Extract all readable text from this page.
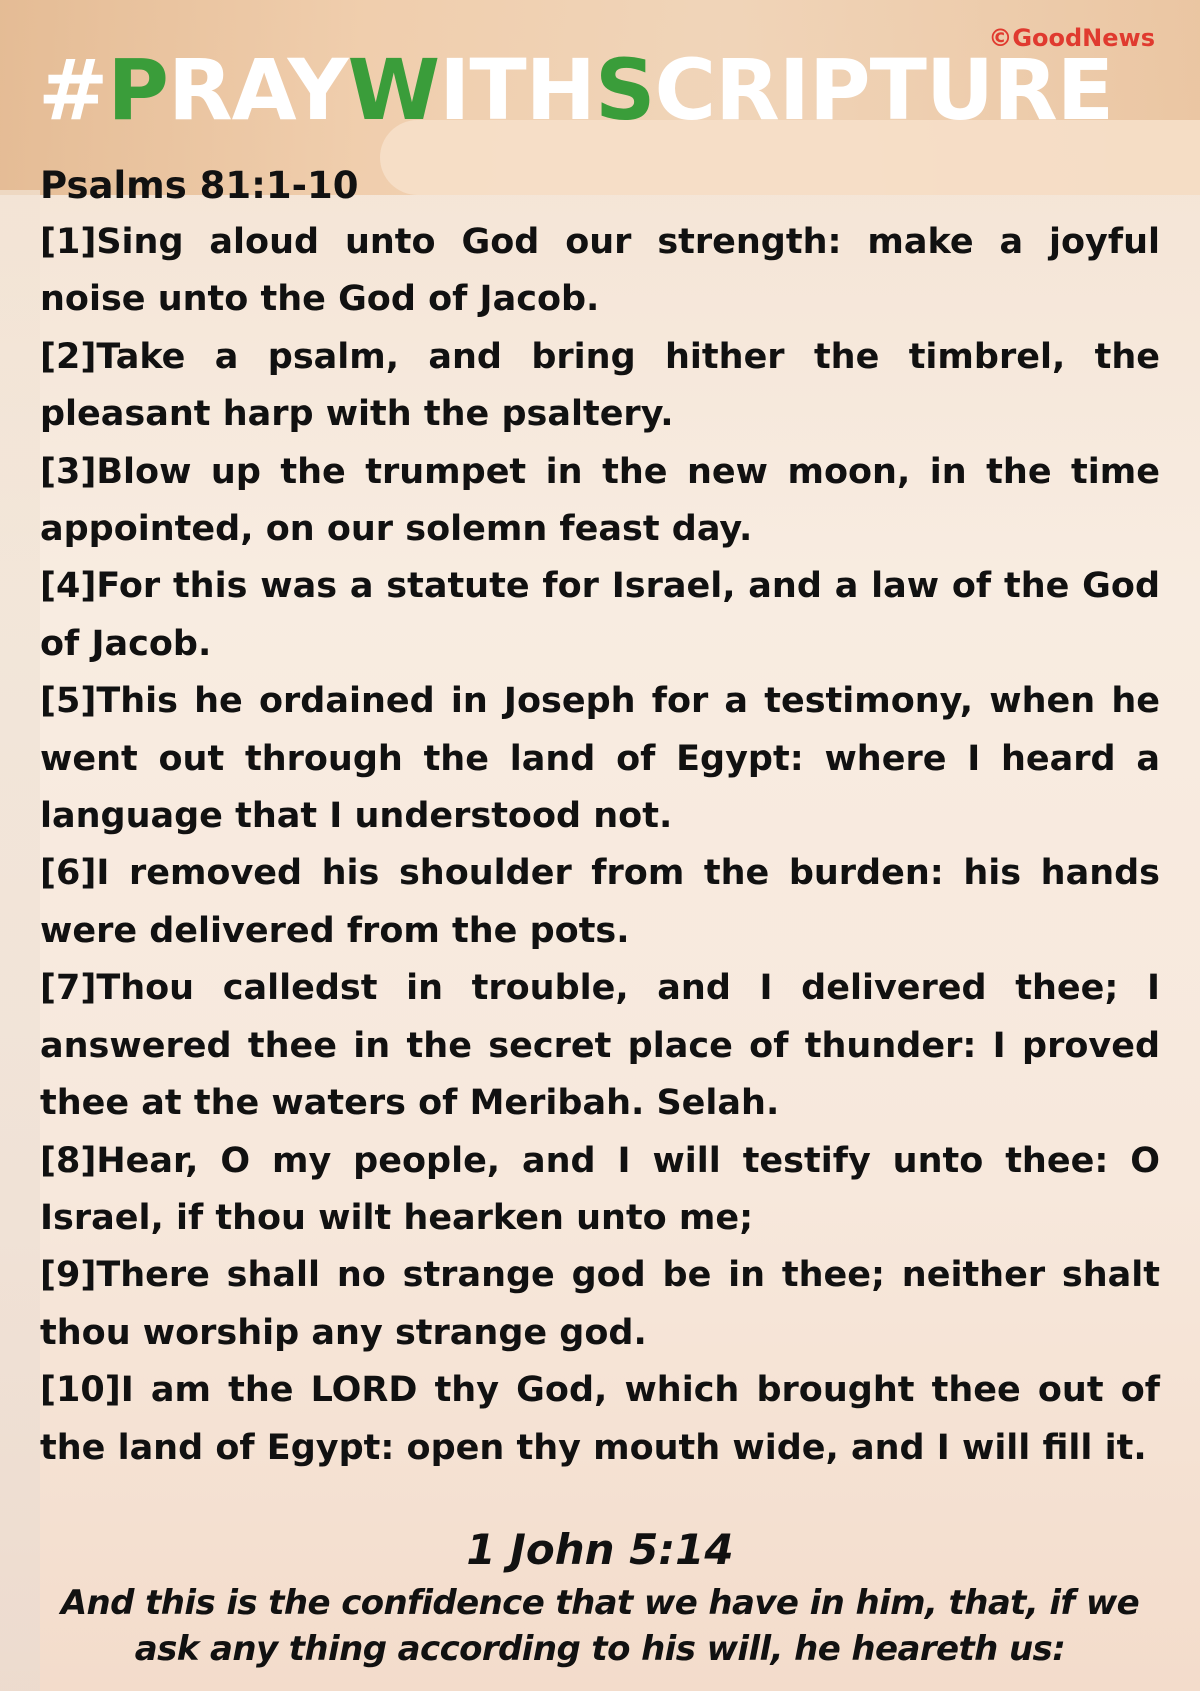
©GoodNews
#PRAYWITHSCRIPTURE

Psalms 81:1-10

[1]Sing aloud unto God our strength: make a joyful noise unto the God of Jacob.

[2]Take a psalm, and bring hither the timbrel, the pleasant harp with the psaltery.

[3]Blow up the trumpet in the new moon, in the time appointed, on our solemn feast day.

[4]For this was a statute for Israel, and a law of the God of Jacob.

[5]This he ordained in Joseph for a testimony, when he went out through the land of Egypt: where I heard a language that I understood not.

[6]I removed his shoulder from the burden: his hands were delivered from the pots.

[7]Thou calledst in trouble, and I delivered thee; I answered thee in the secret place of thunder: I proved thee at the waters of Meribah. Selah.

[8]Hear, O my people, and I will testify unto thee: O Israel, if thou wilt hearken unto me;

[9]There shall no strange god be in thee; neither shalt thou worship any strange god.

[10]I am the LORD thy God, which brought thee out of the land of Egypt: open thy mouth wide, and I will fill it.

1 John 5:14

And this is the confidence that we have in him, that, if we ask any thing according to his will, he heareth us:
